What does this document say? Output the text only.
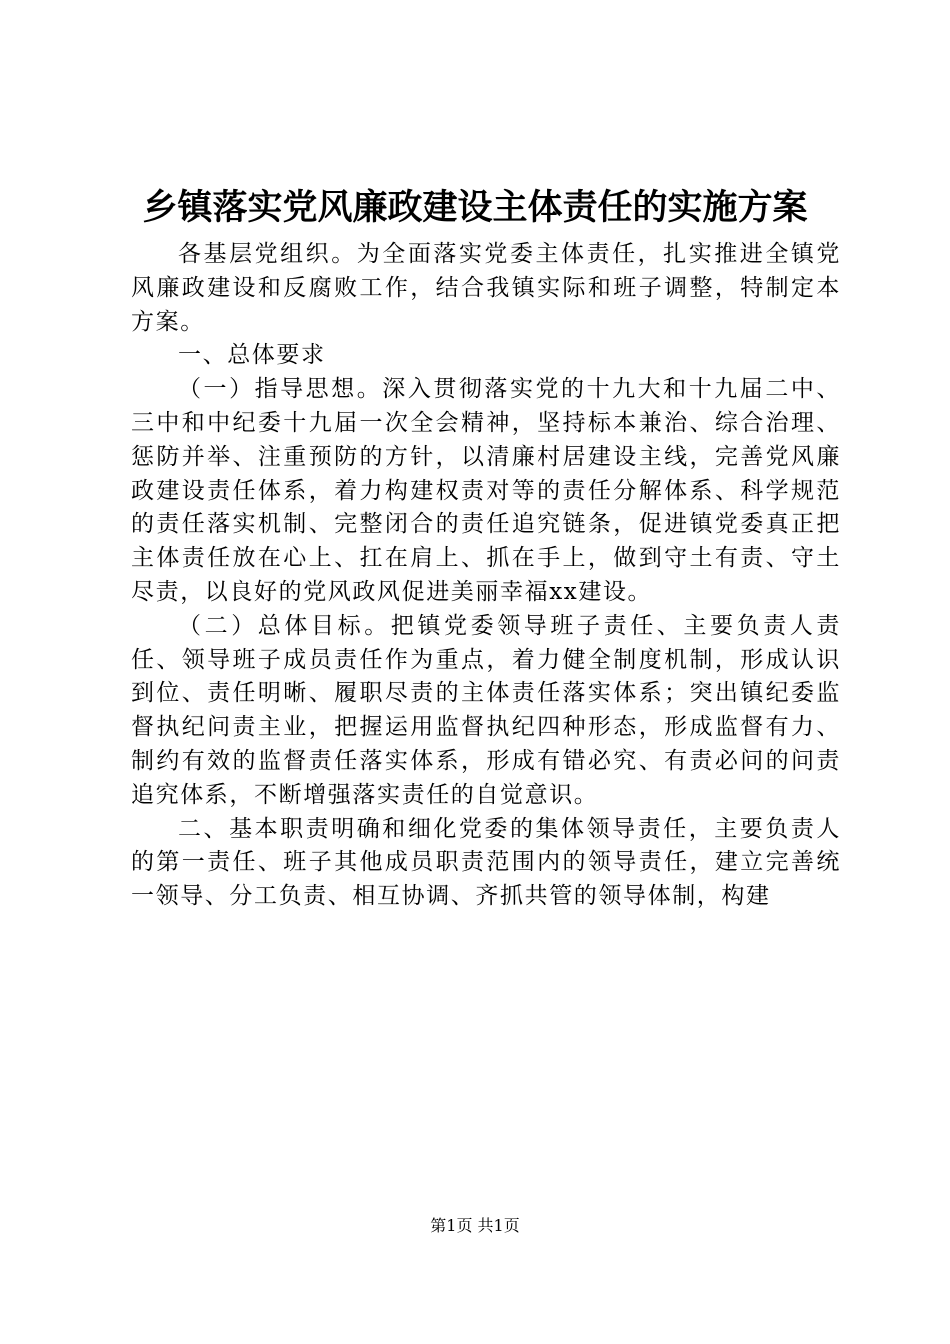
乡镇落实党风廉政建设主体责任的实施方案

各基层党组织。为全面落实党委主体责任，扎实推进全镇党风廉政建设和反腐败工作，结合我镇实际和班子调整，特制定本方案。

一、总体要求

（一）指导思想。深入贯彻落实党的十九大和十九届二中、三中和中纪委十九届一次全会精神，坚持标本兼治、综合治理、惩防并举、注重预防的方针，以清廉村居建设主线，完善党风廉政建设责任体系，着力构建权责对等的责任分解体系、科学规范的责任落实机制、完整闭合的责任追究链条，促进镇党委真正把主体责任放在心上、扛在肩上、抓在手上，做到守土有责、守土尽责，以良好的党风政风促进美丽幸福xx建设。

（二）总体目标。把镇党委领导班子责任、主要负责人责任、领导班子成员责任作为重点，着力健全制度机制，形成认识到位、责任明晰、履职尽责的主体责任落实体系；突出镇纪委监督执纪问责主业，把握运用监督执纪四种形态，形成监督有力、制约有效的监督责任落实体系，形成有错必究、有责必问的问责追究体系，不断增强落实责任的自觉意识。

二、基本职责明确和细化党委的集体领导责任，主要负责人的第一责任、班子其他成员职责范围内的领导责任，建立完善统一领导、分工负责、相互协调、齐抓共管的领导体制，构建

第1页 共1页
